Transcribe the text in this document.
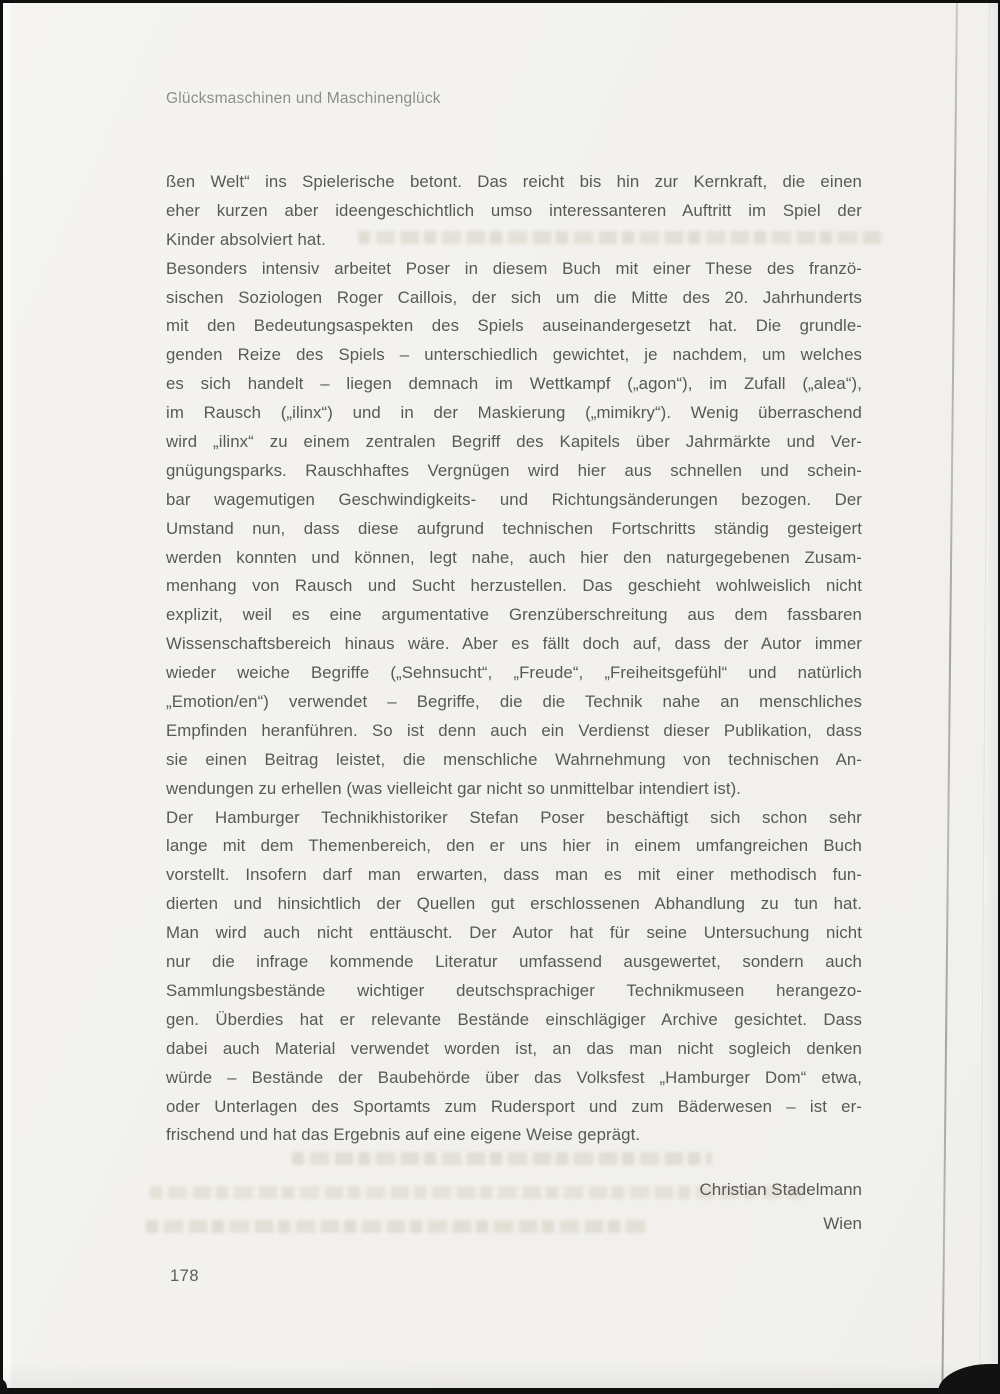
Glücksmaschinen und Maschinenglück
ßen Welt“ ins Spielerische betont. Das reicht bis hin zur Kernkraft, die einen
eher kurzen aber ideengeschichtlich umso interessanteren Auftritt im Spiel der
Kinder absolviert hat.
Besonders intensiv arbeitet Poser in diesem Buch mit einer These des franzö-
sischen Soziologen Roger Caillois, der sich um die Mitte des 20. Jahrhunderts
mit den Bedeutungsaspekten des Spiels auseinandergesetzt hat. Die grundle-
genden Reize des Spiels – unterschiedlich gewichtet, je nachdem, um welches
es sich handelt – liegen demnach im Wettkampf („agon“), im Zufall („alea“),
im Rausch („ilinx“) und in der Maskierung („mimikry“). Wenig überraschend
wird „ilinx“ zu einem zentralen Begriff des Kapitels über Jahrmärkte und Ver-
gnügungsparks. Rauschhaftes Vergnügen wird hier aus schnellen und schein-
bar wagemutigen Geschwindigkeits- und Richtungsänderungen bezogen. Der
Umstand nun, dass diese aufgrund technischen Fortschritts ständig gesteigert
werden konnten und können, legt nahe, auch hier den naturgegebenen Zusam-
menhang von Rausch und Sucht herzustellen. Das geschieht wohlweislich nicht
explizit, weil es eine argumentative Grenzüberschreitung aus dem fassbaren
Wissenschaftsbereich hinaus wäre. Aber es fällt doch auf, dass der Autor immer
wieder weiche Begriffe („Sehnsucht“, „Freude“, „Freiheitsgefühl“ und natürlich
„Emotion/en“) verwendet – Begriffe, die die Technik nahe an menschliches
Empfinden heranführen. So ist denn auch ein Verdienst dieser Publikation, dass
sie einen Beitrag leistet, die menschliche Wahrnehmung von technischen An-
wendungen zu erhellen (was vielleicht gar nicht so unmittelbar intendiert ist).
Der Hamburger Technikhistoriker Stefan Poser beschäftigt sich schon sehr
lange mit dem Themenbereich, den er uns hier in einem umfangreichen Buch
vorstellt. Insofern darf man erwarten, dass man es mit einer methodisch fun-
dierten und hinsichtlich der Quellen gut erschlossenen Abhandlung zu tun hat.
Man wird auch nicht enttäuscht. Der Autor hat für seine Untersuchung nicht
nur die infrage kommende Literatur umfassend ausgewertet, sondern auch
Sammlungsbestände wichtiger deutschsprachiger Technikmuseen herangezo-
gen. Überdies hat er relevante Bestände einschlägiger Archive gesichtet. Dass
dabei auch Material verwendet worden ist, an das man nicht sogleich denken
würde – Bestände der Baubehörde über das Volksfest „Hamburger Dom“ etwa,
oder Unterlagen des Sportamts zum Rudersport und zum Bäderwesen – ist er-
frischend und hat das Ergebnis auf eine eigene Weise geprägt.
Christian Stadelmann
Wien
178
